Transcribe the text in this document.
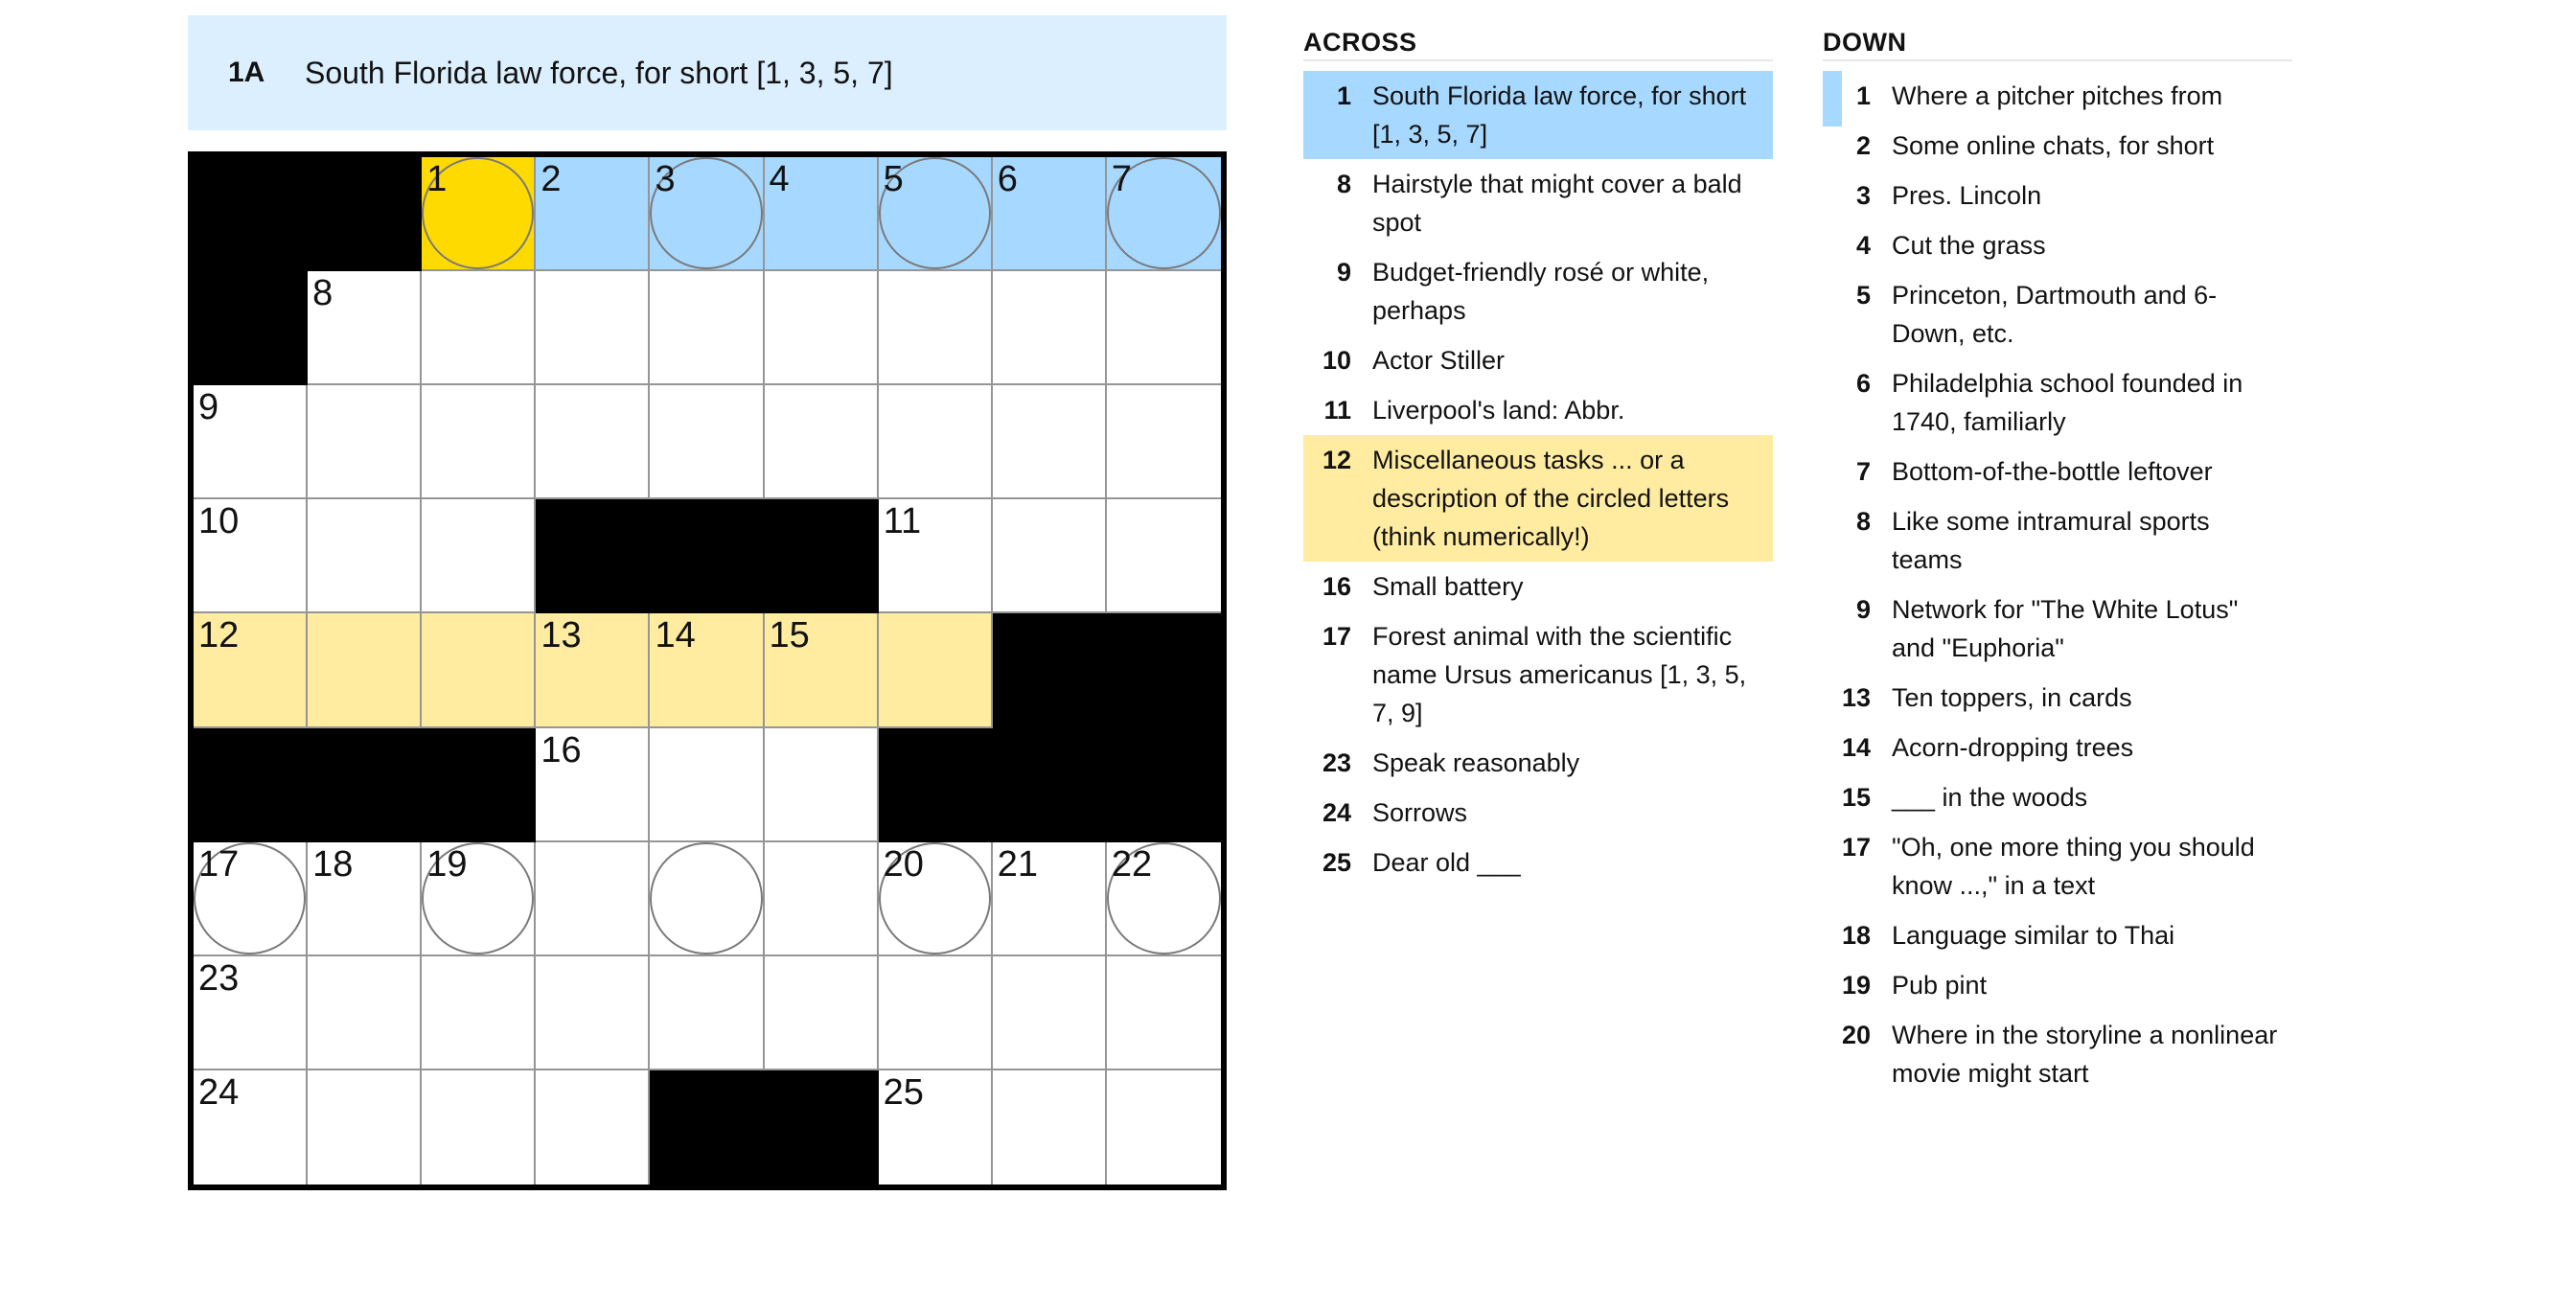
1A	South Florida law force, for short [1, 3, 5, 7]
1	2	3	4	5	6	7
8
9
10	11
12	13 14 15
16
17 18 19	20 21 22
23
24	25
ACROSS
1 South Florida law force, for short [1, 3, 5, 7]
8 Hairstyle that might cover a bald spot
9 Budget-friendly rosé or white, perhaps
10 Actor Stiller
11 Liverpool's land: Abbr.
12 Miscellaneous tasks ... or a description of the circled letters (think numerically!)
16 Small battery
17 Forest animal with the scientific name Ursus americanus [1, 3, 5, 7, 9]
23 Speak reasonably
24 Sorrows
25 Dear old ___
DOWN
1 Where a pitcher pitches from
2 Some online chats, for short
3 Pres. Lincoln
4 Cut the grass
5 Princeton, Dartmouth and 6-Down, etc.
6 Philadelphia school founded in 1740, familiarly
7 Bottom-of-the-bottle leftover
8 Like some intramural sports teams
9 Network for "The White Lotus" and "Euphoria"
13 Ten toppers, in cards
14 Acorn-dropping trees
15 ___ in the woods
17 "Oh, one more thing you should know ...," in a text
18 Language similar to Thai
19 Pub pint
20 Where in the storyline a nonlinear movie might start
